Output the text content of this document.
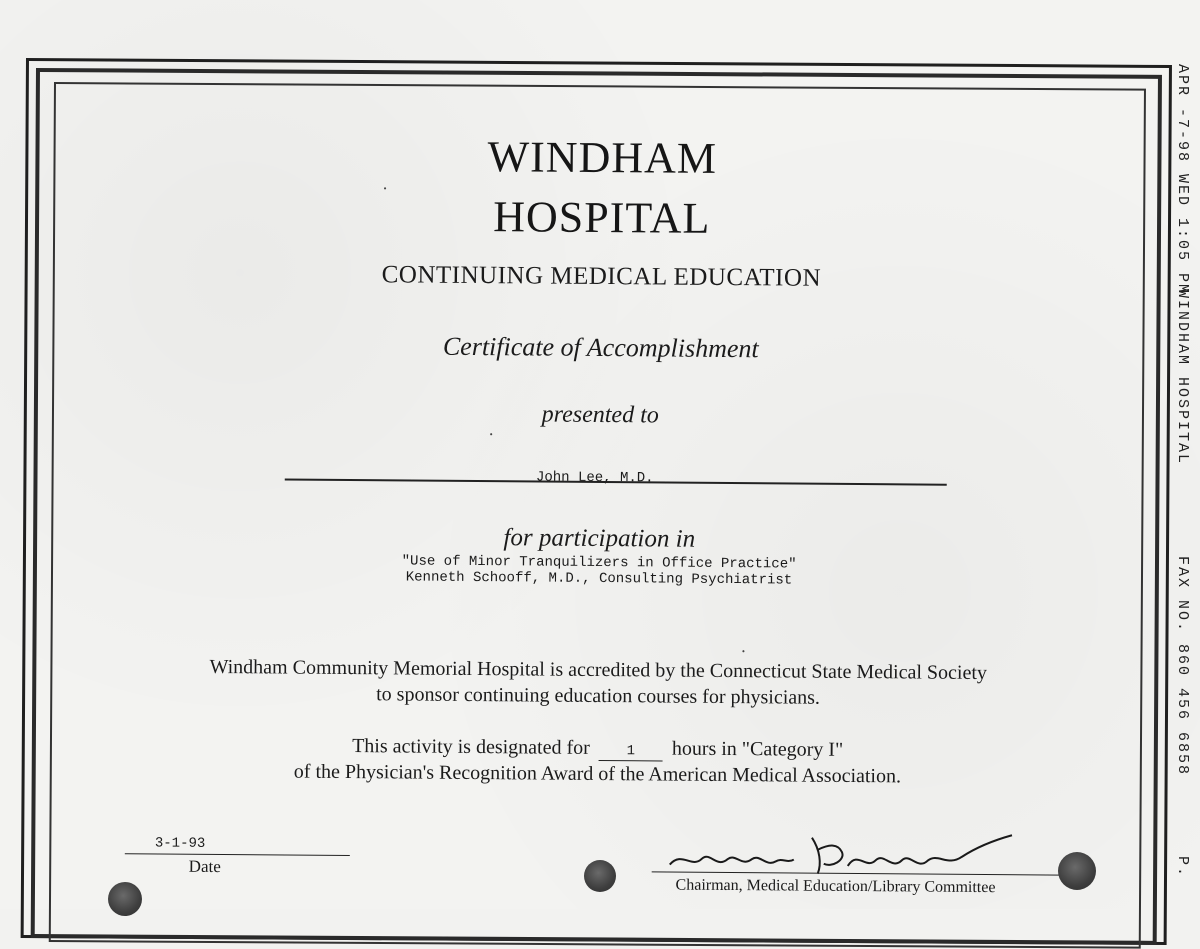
WINDHAM
HOSPITAL
CONTINUING MEDICAL EDUCATION
Certificate of Accomplishment
presented to
John Lee, M.D.
for participation in
"Use of Minor Tranquilizers in Office Practice"
Kenneth Schooff, M.D., Consulting Psychiatrist
Windham Community Memorial Hospital is accredited by the Connecticut State Medical Society
to sponsor continuing education courses for physicians.
This activity is designated for	1 hours in "Category I"
of the Physician's Recognition Award of the American Medical Association.
3-1-93
Date
Chairman, Medical Education/Library Committee
·
·
·
APR -7-98 WED 1:05 PM
WINDHAM HOSPITAL
FAX NO. 860 456 6858
P.
